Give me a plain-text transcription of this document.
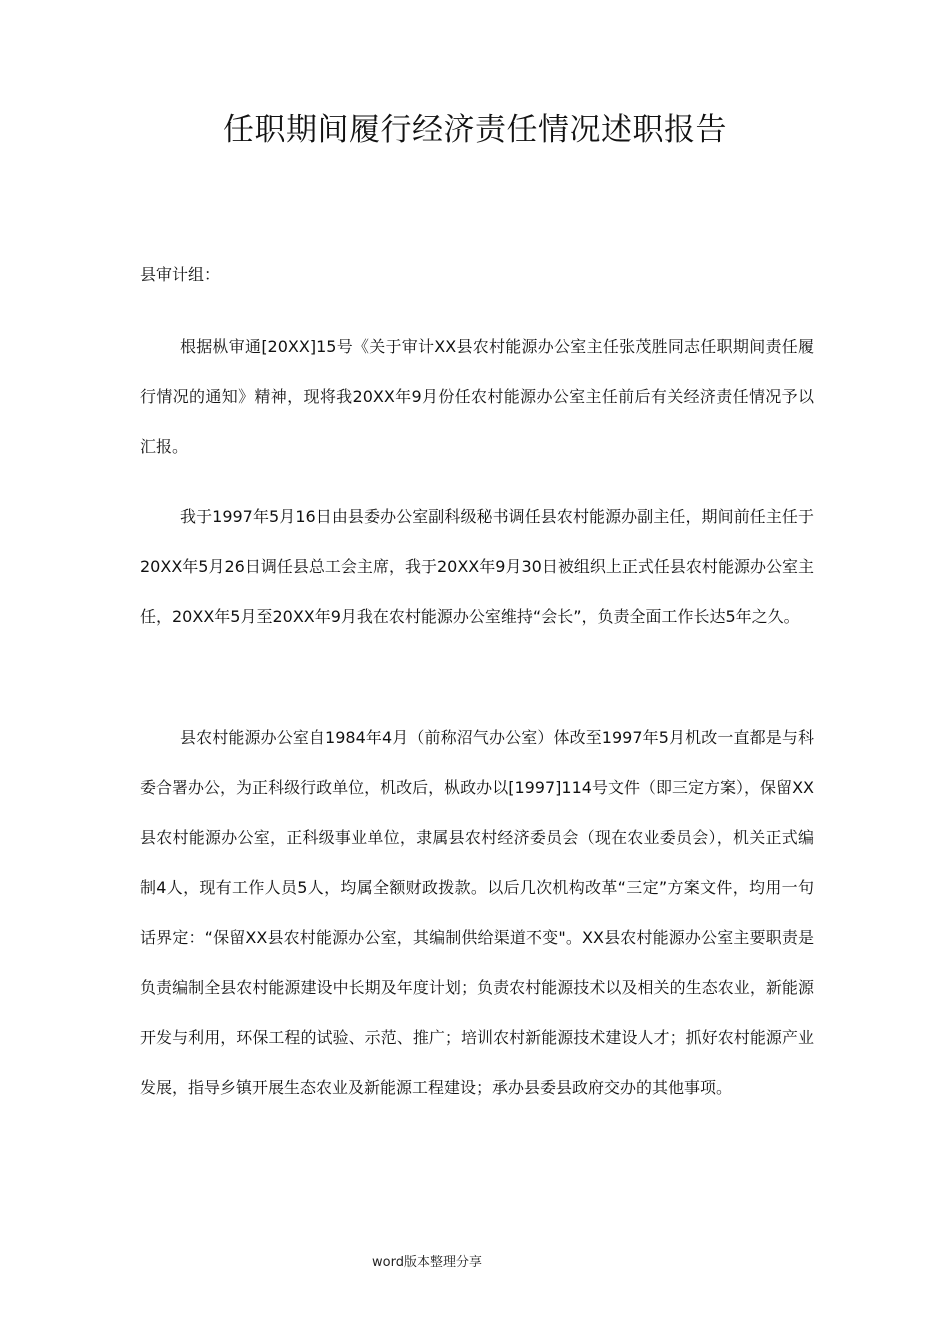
任职期间履行经济责任情况述职报告

县审计组：

根据枞审通[20XX]15号《关于审计XX县农村能源办公室主任张茂胜同志任职期间责任履行情况的通知》精神，现将我20XX年9月份任农村能源办公室主任前后有关经济责任情况予以汇报。

我于1997年5月16日由县委办公室副科级秘书调任县农村能源办副主任，期间前任主任于20XX年5月26日调任县总工会主席，我于20XX年9月30日被组织上正式任县农村能源办公室主任，20XX年5月至20XX年9月我在农村能源办公室维持“会长”，负责全面工作长达5年之久。

县农村能源办公室自1984年4月（前称沼气办公室）体改至1997年5月机改一直都是与科委合署办公，为正科级行政单位，机改后，枞政办以[1997]114号文件（即三定方案），保留XX县农村能源办公室，正科级事业单位，隶属县农村经济委员会（现在农业委员会），机关正式编制4人，现有工作人员5人，均属全额财政拨款。以后几次机构改革“三定”方案文件，均用一句话界定：“保留XX县农村能源办公室，其编制供给渠道不变"。XX县农村能源办公室主要职责是负责编制全县农村能源建设中长期及年度计划；负责农村能源技术以及相关的生态农业，新能源开发与利用，环保工程的试验、示范、推广；培训农村新能源技术建设人才；抓好农村能源产业发展，指导乡镇开展生态农业及新能源工程建设；承办县委县政府交办的其他事项。

word版本整理分享
